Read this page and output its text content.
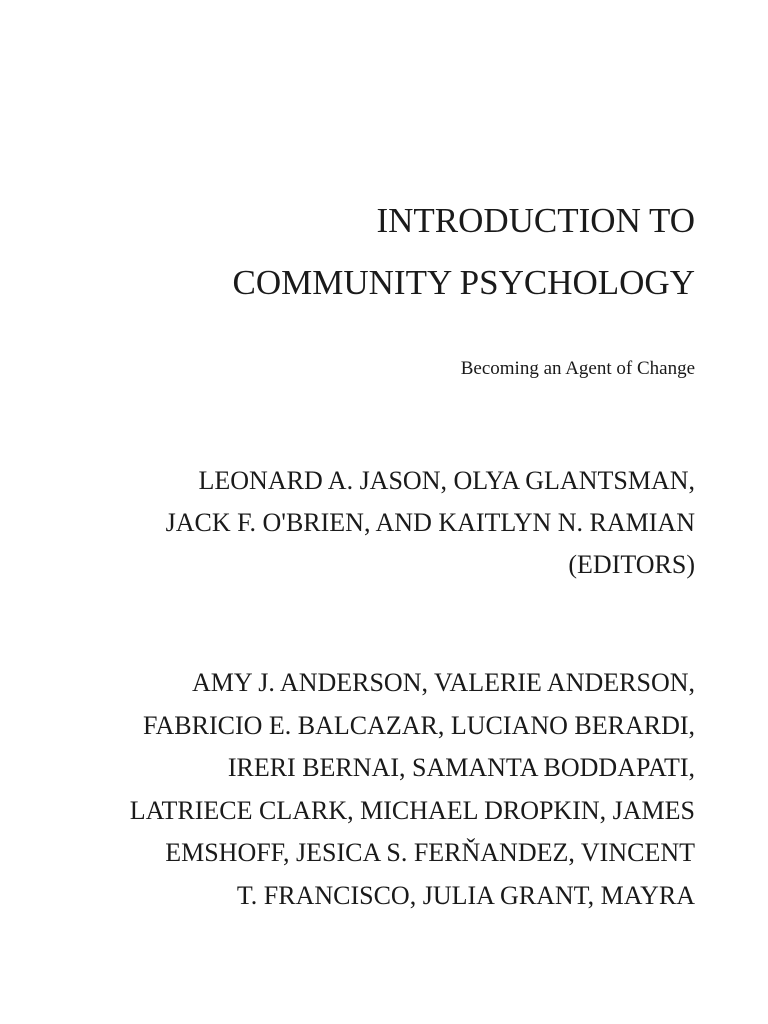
INTRODUCTION TO
COMMUNITY PSYCHOLOGY
Becoming an Agent of Change
LEONARD A. JASON, OLYA GLANTSMAN,
JACK F. O'BRIEN, AND KAITLYN N. RAMIAN
(EDITORS)
AMY J. ANDERSON, VALERIE ANDERSON,
FABRICIO E. BALCAZAR, LUCIANO BERARDI,
IRERI BERNAI, SAMANTA BODDAPATI,
LATRIECE CLARK, MICHAEL DROPKIN, JAMES
EMSHOFF, JESICA S. FERŇANDEZ, VINCENT
T. FRANCISCO, JULIA GRANT, MAYRA
